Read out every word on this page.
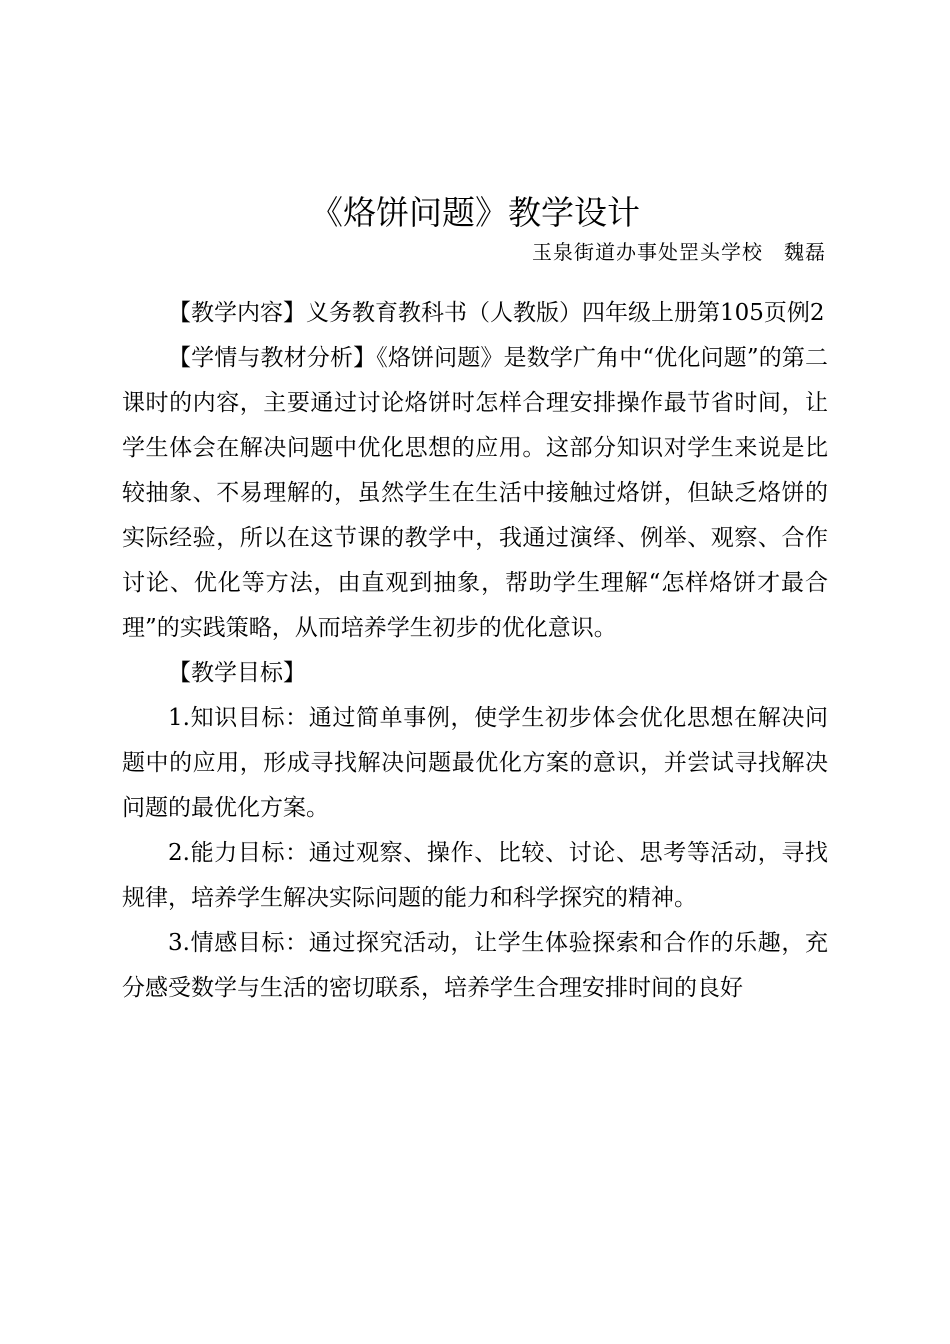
《烙饼问题》教学设计
玉泉街道办事处罡头学校　魏磊

【教学内容】义务教育教科书（人教版）四年级上册第105页例2

【学情与教材分析】《烙饼问题》是数学广角中“优化问题”的第二课时的内容，主要通过讨论烙饼时怎样合理安排操作最节省时间，让学生体会在解决问题中优化思想的应用。这部分知识对学生来说是比较抽象、不易理解的，虽然学生在生活中接触过烙饼，但缺乏烙饼的实际经验，所以在这节课的教学中，我通过演绎、例举、观察、合作讨论、优化等方法，由直观到抽象，帮助学生理解“怎样烙饼才最合理”的实践策略，从而培养学生初步的优化意识。

【教学目标】

1.知识目标：通过简单事例，使学生初步体会优化思想在解决问题中的应用，形成寻找解决问题最优化方案的意识，并尝试寻找解决问题的最优化方案。

2.能力目标：通过观察、操作、比较、讨论、思考等活动，寻找规律，培养学生解决实际问题的能力和科学探究的精神。

3.情感目标：通过探究活动，让学生体验探索和合作的乐趣，充分感受数学与生活的密切联系，培养学生合理安排时间的良好
